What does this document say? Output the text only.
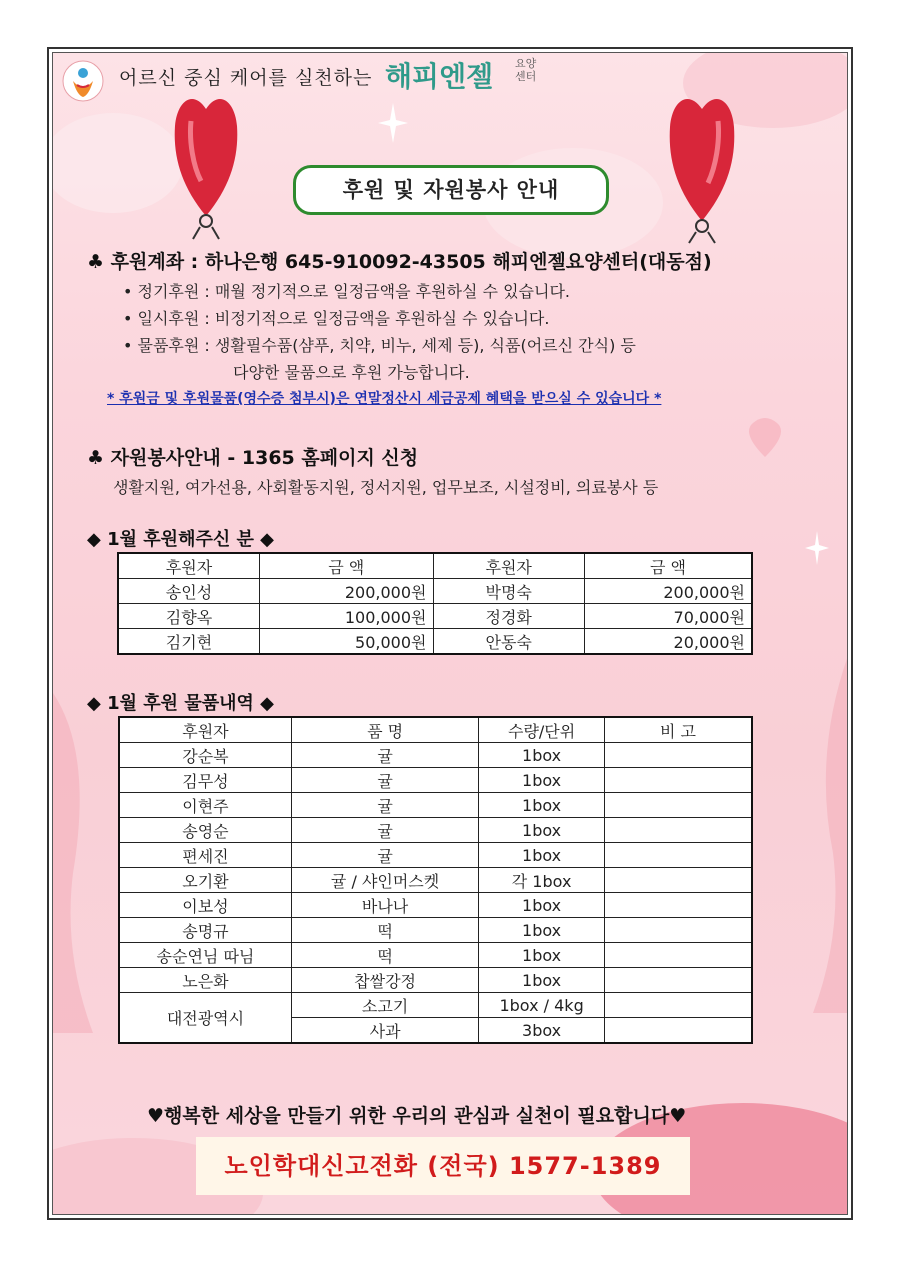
어르신 중심 케어를 실천하는 해피엔젤 요양
센터
후원 및 자원봉사 안내
♣ 후원계좌 : 하나은행 645-910092-43505 해피엔젤요양센터(대동점)
• 정기후원 : 매월 정기적으로 일정금액을 후원하실 수 있습니다.
• 일시후원 : 비정기적으로 일정금액을 후원하실 수 있습니다.
• 물품후원 : 생활필수품(샴푸, 치약, 비누, 세제 등), 식품(어르신 간식) 등
다양한 물품으로 후원 가능합니다.
* 후원금 및 후원물품(영수증 첨부시)은 연말정산시 세금공제 혜택을 받으실 수 있습니다 *
♣ 자원봉사안내 - 1365 홈페이지 신청
생활지원, 여가선용, 사회활동지원, 정서지원, 업무보조, 시설정비, 의료봉사 등
◆ 1월 후원해주신 분 ◆
후원자	금 액	후원자	금 액
송인성	200,000원	박명숙	200,000원
김향옥	100,000원	정경화	70,000원
김기현	50,000원	안동숙	20,000원
◆ 1월 후원 물품내역 ◆
후원자	품 명	수량/단위	비 고
강순복	귤	1box	
김무성	귤	1box	
이현주	귤	1box	
송영순	귤	1box	
편세진	귤	1box	
오기환	귤 / 샤인머스켓	각 1box	
이보성	바나나	1box	
송명규	떡	1box	
송순연님 따님	떡	1box	
노은화	찹쌀강정	1box	
대전광역시	소고기	1box / 4kg	
	사과	3box	
♥행복한 세상을 만들기 위한 우리의 관심과 실천이 필요합니다♥
노인학대신고전화 (전국) 1577-1389
